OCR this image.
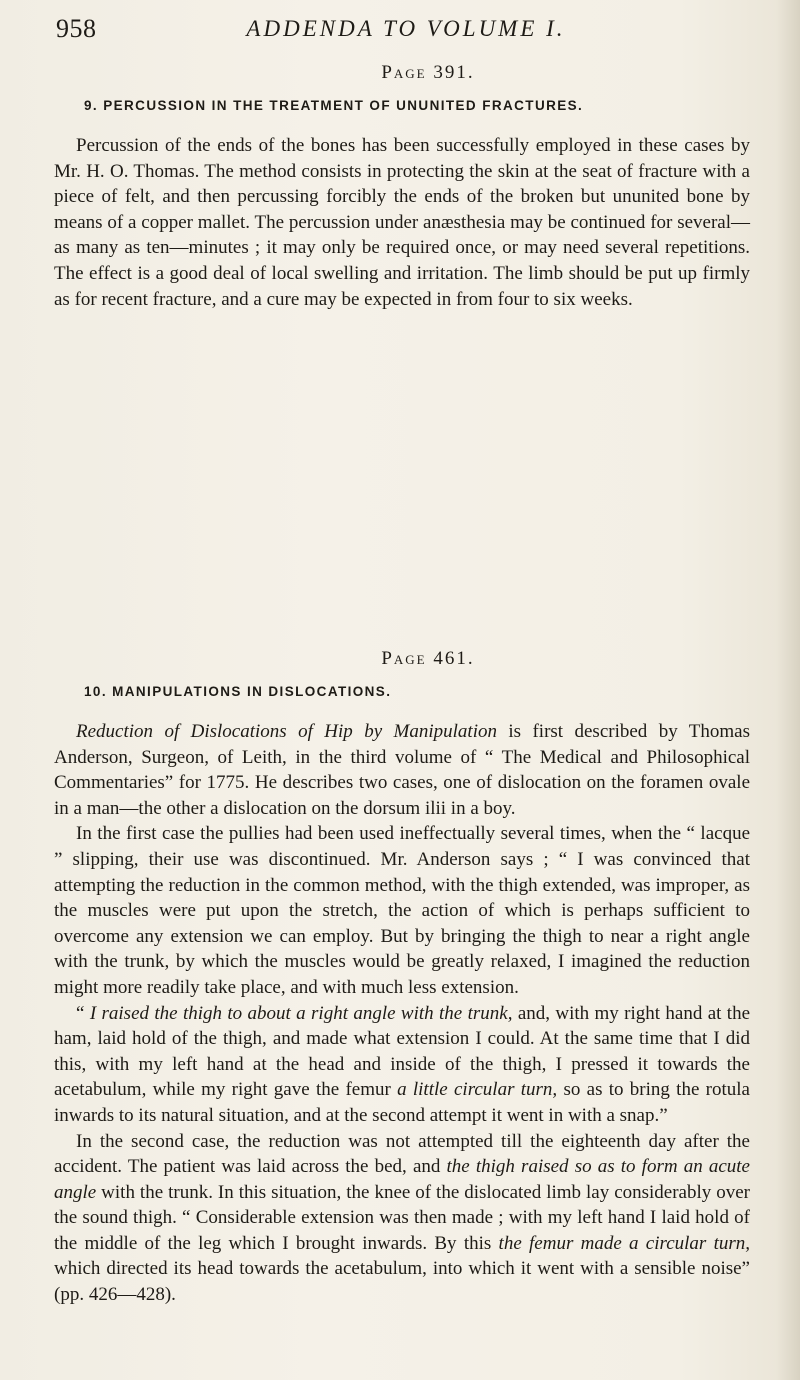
958	ADDENDA TO VOLUME I.
Page 391.
9. PERCUSSION IN THE TREATMENT OF UNUNITED FRACTURES.

Percussion of the ends of the bones has been successfully employed in these cases by Mr. H. O. Thomas. The method consists in protecting the skin at the seat of fracture with a piece of felt, and then percussing forcibly the ends of the broken but ununited bone by means of a copper mallet. The percussion under anæsthesia may be continued for several—as many as ten—minutes ; it may only be required once, or may need several repetitions. The effect is a good deal of local swelling and irritation. The limb should be put up firmly as for recent fracture, and a cure may be expected in from four to six weeks.

Page 461.
10. MANIPULATIONS IN DISLOCATIONS.

Reduction of Dislocations of Hip by Manipulation is first described by Thomas Anderson, Surgeon, of Leith, in the third volume of “ The Medical and Philosophical Commentaries” for 1775. He describes two cases, one of dislocation on the foramen ovale in a man—the other a dislocation on the dorsum ilii in a boy.

In the first case the pullies had been used ineffectually several times, when the “ lacque ” slipping, their use was discontinued. Mr. Anderson says ; “ I was convinced that attempting the reduction in the common method, with the thigh extended, was improper, as the muscles were put upon the stretch, the action of which is perhaps sufficient to overcome any extension we can employ. But by bringing the thigh to near a right angle with the trunk, by which the muscles would be greatly relaxed, I imagined the reduction might more readily take place, and with much less extension.

“ I raised the thigh to about a right angle with the trunk, and, with my right hand at the ham, laid hold of the thigh, and made what extension I could. At the same time that I did this, with my left hand at the head and inside of the thigh, I pressed it towards the acetabulum, while my right gave the femur a little circular turn, so as to bring the rotula inwards to its natural situation, and at the second attempt it went in with a snap.”

In the second case, the reduction was not attempted till the eighteenth day after the accident. The patient was laid across the bed, and the thigh raised so as to form an acute angle with the trunk. In this situation, the knee of the dislocated limb lay considerably over the sound thigh. “ Considerable extension was then made ; with my left hand I laid hold of the middle of the leg which I brought inwards. By this the femur made a circular turn, which directed its head towards the acetabulum, into which it went with a sensible noise” (pp. 426—428).
